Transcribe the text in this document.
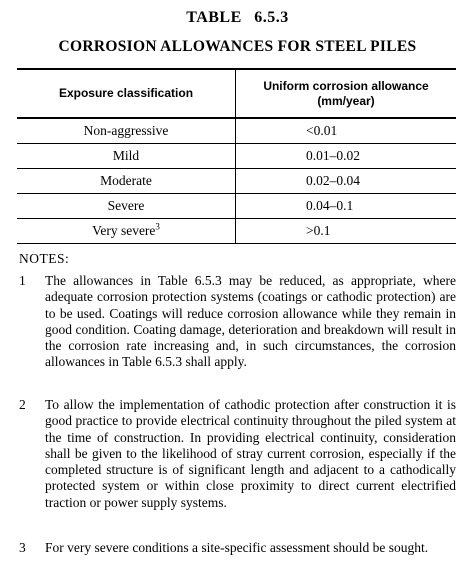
TABLE 6.5.3
CORROSION ALLOWANCES FOR STEEL PILES
Exposure classification	Uniform corrosion allowance
(mm/year)
Non-aggressive	<0.01
Mild	0.01–0.02
Moderate	0.02–0.04
Severe	0.04–0.1
Very severe$^3$	>0.1
NOTES:
1 The allowances in Table 6.5.3 may be reduced, as appropriate, where adequate corrosion protection systems (coatings or cathodic protection) are to be used. Coatings will reduce corrosion allowance while they remain in good condition. Coating damage, deterioration and breakdown will result in the corrosion rate increasing and, in such circumstances, the corrosion allowances in Table 6.5.3 shall apply.
2 To allow the implementation of cathodic protection after construction it is good practice to provide electrical continuity throughout the piled system at the time of construction. In providing electrical continuity, consideration shall be given to the likelihood of stray current corrosion, especially if the completed structure is of significant length and adjacent to a cathodically protected system or within close proximity to direct current electrified traction or power supply systems.
3 For very severe conditions a site-specific assessment should be sought.
